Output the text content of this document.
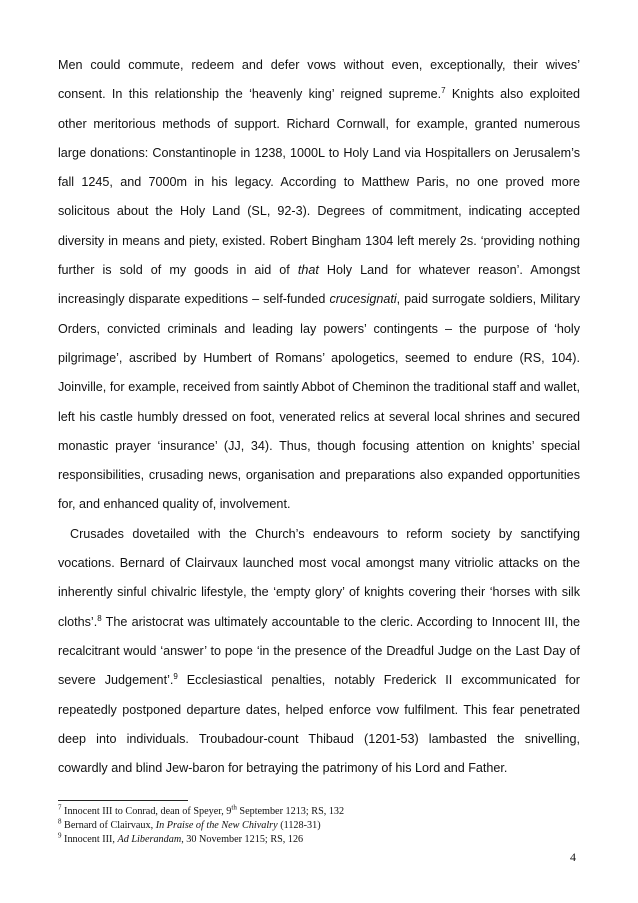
Men could commute, redeem and defer vows without even, exceptionally, their wives’ consent. In this relationship the ‘heavenly king’ reigned supreme.$^7$ Knights also exploited other meritorious methods of support. Richard Cornwall, for example, granted numerous large donations: Constantinople in 1238, 1000L to Holy Land via Hospitallers on Jerusalem’s fall 1245, and 7000m in his legacy. According to Matthew Paris, no one proved more solicitous about the Holy Land (SL, 92-3). Degrees of commitment, indicating accepted diversity in means and piety, existed. Robert Bingham 1304 left merely 2s. ‘providing nothing further is sold of my goods in aid of that Holy Land for whatever reason’. Amongst increasingly disparate expeditions – self-funded crucesignati, paid surrogate soldiers, Military Orders, convicted criminals and leading lay powers’ contingents – the purpose of ‘holy pilgrimage’, ascribed by Humbert of Romans’ apologetics, seemed to endure (RS, 104). Joinville, for example, received from saintly Abbot of Cheminon the traditional staff and wallet, left his castle humbly dressed on foot, venerated relics at several local shrines and secured monastic prayer ‘insurance’ (JJ, 34). Thus, though focusing attention on knights’ special responsibilities, crusading news, organisation and preparations also expanded opportunities for, and enhanced quality of, involvement.

Crusades dovetailed with the Church’s endeavours to reform society by sanctifying vocations. Bernard of Clairvaux launched most vocal amongst many vitriolic attacks on the inherently sinful chivalric lifestyle, the ‘empty glory’ of knights covering their ‘horses with silk cloths’.$^8$ The aristocrat was ultimately accountable to the cleric. According to Innocent III, the recalcitrant would ‘answer’ to pope ‘in the presence of the Dreadful Judge on the Last Day of severe Judgement’.$^9$ Ecclesiastical penalties, notably Frederick II excommunicated for repeatedly postponed departure dates, helped enforce vow fulfilment. This fear penetrated deep into individuals. Troubadour-count Thibaud (1201-53) lambasted the snivelling, cowardly and blind Jew-baron for betraying the patrimony of his Lord and Father.

$^7$ Innocent III to Conrad, dean of Speyer, 9th September 1213; RS, 132

$^8$ Bernard of Clairvaux, In Praise of the New Chivalry (1128-31)

$^9$ Innocent III, Ad Liberandam, 30 November 1215; RS, 126

4
